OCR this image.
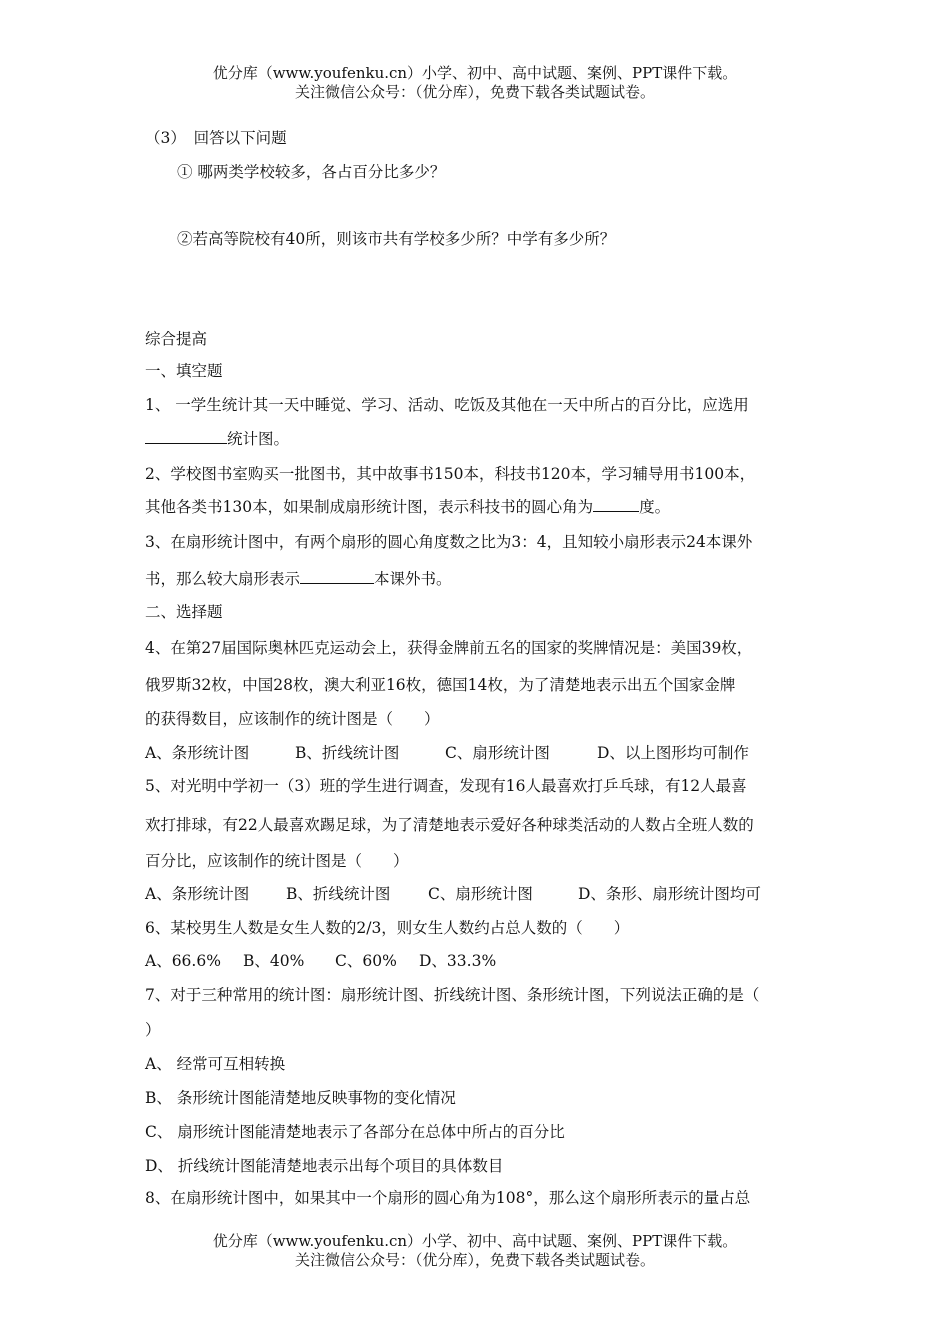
优分库（www.youfenku.cn）小学、初中、高中试题、案例、PPT课件下载。
关注微信公众号：（优分库），免费下载各类试题试卷。
（3）　回答以下问题
① 哪两类学校较多，各占百分比多少？
②若高等院校有40所，则该市共有学校多少所？中学有多少所？
综合提高
一、填空题
1、 一学生统计其一天中睡觉、学习、活动、吃饭及其他在一天中所占的百分比，应选用
统计图。
2、学校图书室购买一批图书，其中故事书150本，科技书120本，学习辅导用书100本，
其他各类书130本，如果制成扇形统计图，表示科技书的圆心角为	度。
3、在扇形统计图中，有两个扇形的圆心角度数之比为3：4，且知较小扇形表示24本课外
书，那么较大扇形表示	本课外书。
二、选择题
4、在第27届国际奥林匹克运动会上，获得金牌前五名的国家的奖牌情况是：美国39枚，
俄罗斯32枚，中国28枚，澳大利亚16枚，德国14枚，为了清楚地表示出五个国家金牌
的获得数目，应该制作的统计图是（　　）
A、条形统计图	B、折线统计图	C、扇形统计图	D、以上图形均可制作
5、对光明中学初一（3）班的学生进行调查，发现有16人最喜欢打乒乓球，有12人最喜
欢打排球，有22人最喜欢踢足球，为了清楚地表示爱好各种球类活动的人数占全班人数的
百分比，应该制作的统计图是（　　）
A、条形统计图 B、折线统计图 C、扇形统计图	D、条形、扇形统计图均可
6、某校男生人数是女生人数的2/3，则女生人数约占总人数的（　　）
A、66.6% B、40% C、60% D、33.3%
7、对于三种常用的统计图：扇形统计图、折线统计图、条形统计图，下列说法正确的是（
）
A、 经常可互相转换
B、 条形统计图能清楚地反映事物的变化情况
C、 扇形统计图能清楚地表示了各部分在总体中所占的百分比
D、 折线统计图能清楚地表示出每个项目的具体数目
8、在扇形统计图中，如果其中一个扇形的圆心角为108°，那么这个扇形所表示的量占总
优分库（www.youfenku.cn）小学、初中、高中试题、案例、PPT课件下载。
关注微信公众号：（优分库），免费下载各类试题试卷。
